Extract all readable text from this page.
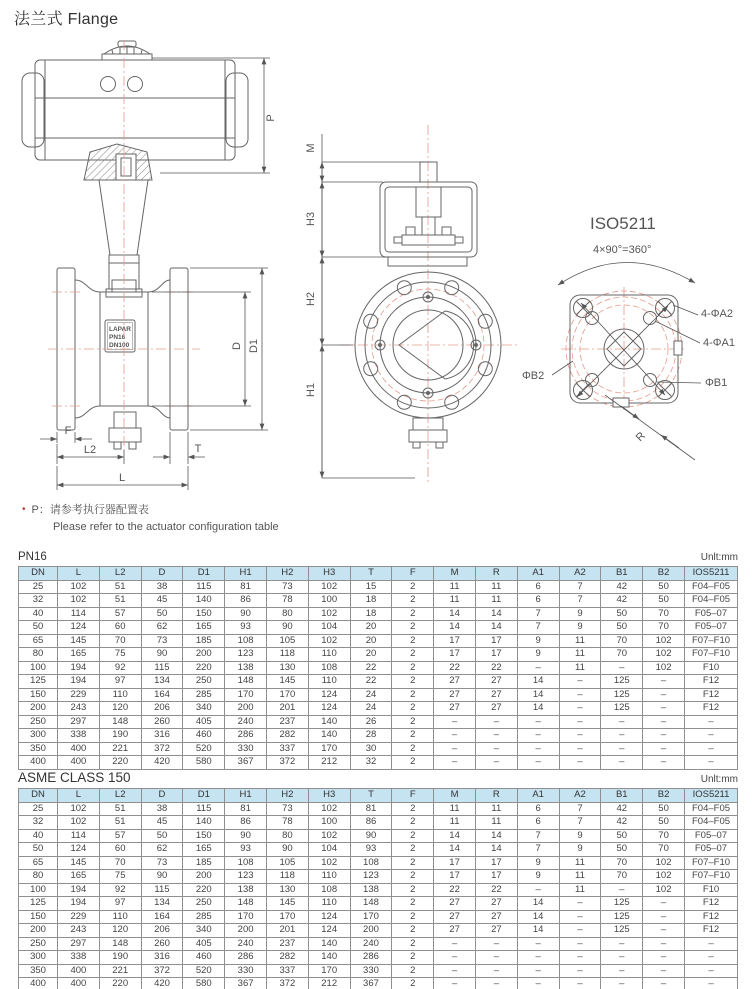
法兰式 Flange
LAPAR
PN16
DN100
P
D D1
F
L2	T
L
M
H3
H2
H1
ISO5211
4×90°=360°
4-ΦA2
4-ΦA1
ΦB1
ΦB2
R
• P：请参考执行器配置表
Please refer to the actuator configuration table
PN16	Unlt:mm
DN	L	L2	D	D1	H1	H2	H3	T	F	M	R	A1	A2	B1	B2	IOS5211
25	102	51	38	115	81	73	102	15	2	11	11	6	7	42	50	F04–F05
32	102	51	45	140	86	78	100	18	2	11	11	6	7	42	50	F04–F05
40	114	57	50	150	90	80	102	18	2	14	14	7	9	50	70	F05–07
50	124	60	62	165	93	90	104	20	2	14	14	7	9	50	70	F05–07
65	145	70	73	185	108	105	102	20	2	17	17	9	11	70	102	F07–F10
80	165	75	90	200	123	118	110	20	2	17	17	9	11	70	102	F07–F10
100	194	92	115	220	138	130	108	22	2	22	22	–	11	–	102	F10
125	194	97	134	250	148	145	110	22	2	27	27	14	–	125	–	F12
150	229	110	164	285	170	170	124	24	2	27	27	14	–	125	–	F12
200	243	120	206	340	200	201	124	24	2	27	27	14	–	125	–	F12
250	297	148	260	405	240	237	140	26	2	–	–	–	–	–	–	–
300	338	190	316	460	286	282	140	28	2	–	–	–	–	–	–	–
350	400	221	372	520	330	337	170	30	2	–	–	–	–	–	–	–
400	400	220	420	580	367	372	212	32	2	–	–	–	–	–	–	–
ASME CLASS 150	Unlt:mm
DN	L	L2	D	D1	H1	H2	H3	T	F	M	R	A1	A2	B1	B2	IOS5211
25	102	51	38	115	81	73	102	81	2	11	11	6	7	42	50	F04–F05
32	102	51	45	140	86	78	100	86	2	11	11	6	7	42	50	F04–F05
40	114	57	50	150	90	80	102	90	2	14	14	7	9	50	70	F05–07
50	124	60	62	165	93	90	104	93	2	14	14	7	9	50	70	F05–07
65	145	70	73	185	108	105	102	108	2	17	17	9	11	70	102	F07–F10
80	165	75	90	200	123	118	110	123	2	17	17	9	11	70	102	F07–F10
100	194	92	115	220	138	130	108	138	2	22	22	–	11	–	102	F10
125	194	97	134	250	148	145	110	148	2	27	27	14	–	125	–	F12
150	229	110	164	285	170	170	124	170	2	27	27	14	–	125	–	F12
200	243	120	206	340	200	201	124	200	2	27	27	14	–	125	–	F12
250	297	148	260	405	240	237	140	240	2	–	–	–	–	–	–	–
300	338	190	316	460	286	282	140	286	2	–	–	–	–	–	–	–
350	400	221	372	520	330	337	170	330	2	–	–	–	–	–	–	–
400	400	220	420	580	367	372	212	367	2	–	–	–	–	–	–	–
